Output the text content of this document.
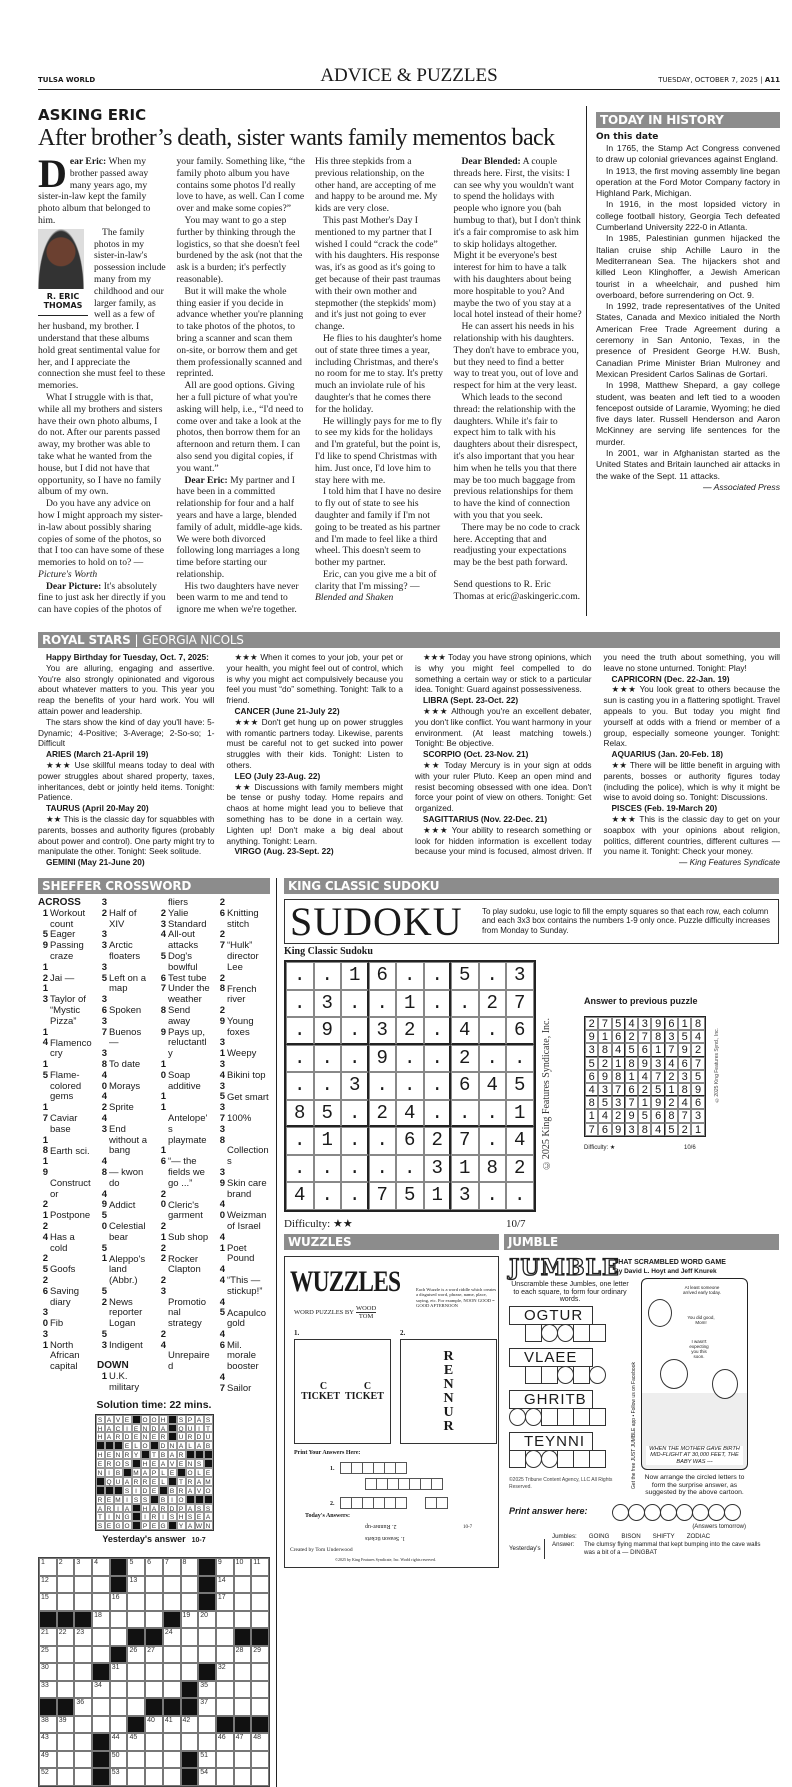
TULSA WORLD	ADVICE & PUZZLES	TUESDAY, OCTOBER 7, 2025 | A11
ASKING ERIC
After brother’s death, sister wants family mementos back

Dear Eric: When my brother passed away many years ago, my sister-in-law kept the family photo album that belonged to him.

R. ERIC THOMAS
The family photos in my sister-in-law's possession include many from my childhood and our larger family, as well as a few of her husband, my brother. I understand that these albums hold great sentimental value for her, and I appreciate the connection she must feel to these memories.

What I struggle with is that, while all my brothers and sisters have their own photo albums, I do not. After our parents passed away, my brother was able to take what he wanted from the house, but I did not have that opportunity, so I have no family album of my own.

Do you have any advice on how I might approach my sister-in-law about possibly sharing copies of some of the photos, so that I too can have some of these memories to hold on to? — Picture's Worth

Dear Picture: It's absolutely fine to just ask her directly if you can have copies of the photos of your family. Something like, “the family photo album you have contains some photos I'd really love to have, as well. Can I come over and make some copies?”

You may want to go a step further by thinking through the logistics, so that she doesn't feel burdened by the ask (not that the ask is a burden; it's perfectly reasonable).

But it will make the whole thing easier if you decide in advance whether you're planning to take photos of the photos, to bring a scanner and scan them on-site, or borrow them and get them professionally scanned and reprinted.

All are good options. Giving her a full picture of what you're asking will help, i.e., “I'd need to come over and take a look at the photos, then borrow them for an afternoon and return them. I can also send you digital copies, if you want.”

Dear Eric: My partner and I have been in a committed relationship for four and a half years and have a large, blended family of adult, middle-age kids. We were both divorced following long marriages a long time before starting our relationship.

His two daughters have never been warm to me and tend to ignore me when we're together. His three stepkids from a previous relationship, on the other hand, are accepting of me and happy to be around me. My kids are very close.

This past Mother's Day I mentioned to my partner that I wished I could “crack the code” with his daughters. His response was, it's as good as it's going to get because of their past traumas with their own mother and stepmother (the stepkids' mom) and it's just not going to ever change.

He flies to his daughter's home out of state three times a year, including Christmas, and there's no room for me to stay. It's pretty much an inviolate rule of his daughter's that he comes there for the holiday.

He willingly pays for me to fly to see my kids for the holidays and I'm grateful, but the point is, I'd like to spend Christmas with him. Just once, I'd love him to stay here with me.

I told him that I have no desire to fly out of state to see his daughter and family if I'm not going to be treated as his partner and I'm made to feel like a third wheel. This doesn't seem to bother my partner.

Eric, can you give me a bit of clarity that I'm missing? — Blended and Shaken

Dear Blended: A couple threads here. First, the visits: I can see why you wouldn't want to spend the holidays with people who ignore you (bah humbug to that), but I don't think it's a fair compromise to ask him to skip holidays altogether. Might it be everyone's best interest for him to have a talk with his daughters about being more hospitable to you? And maybe the two of you stay at a local hotel instead of their home?

He can assert his needs in his relationship with his daughters. They don't have to embrace you, but they need to find a better way to treat you, out of love and respect for him at the very least.

Which leads to the second thread: the relationship with the daughters. While it's fair to expect him to talk with his daughters about their disrespect, it's also important that you hear him when he tells you that there may be too much baggage from previous relationships for them to have the kind of connection with you that you seek.

There may be no code to crack here. Accepting that and readjusting your expectations may be the best path forward.

Send questions to R. Eric Thomas at eric@askingeric.com.

TODAY IN HISTORY
On this date

In 1765, the Stamp Act Congress convened to draw up colonial grievances against England.

In 1913, the first moving assembly line began operation at the Ford Motor Company factory in Highland Park, Michigan.

In 1916, in the most lopsided victory in college football history, Georgia Tech defeated Cumberland University 222-0 in Atlanta.

In 1985, Palestinian gunmen hijacked the Italian cruise ship Achille Lauro in the Mediterranean Sea. The hijackers shot and killed Leon Klinghoffer, a Jewish American tourist in a wheelchair, and pushed him overboard, before surrendering on Oct. 9.

In 1992, trade representatives of the United States, Canada and Mexico initialed the North American Free Trade Agreement during a ceremony in San Antonio, Texas, in the presence of President George H.W. Bush, Canadian Prime Minister Brian Mulroney and Mexican President Carlos Salinas de Gortari.

In 1998, Matthew Shepard, a gay college student, was beaten and left tied to a wooden fencepost outside of Laramie, Wyoming; he died five days later. Russell Henderson and Aaron McKinney are serving life sentences for the murder.

In 2001, war in Afghanistan started as the United States and Britain launched air attacks in the wake of the Sept. 11 attacks.

— Associated Press

ROYAL STARS | GEORGIA NICOLS

Happy Birthday for Tuesday, Oct. 7, 2025:

You are alluring, engaging and assertive. You're also strongly opinionated and vigorous about whatever matters to you. This year you reap the benefits of your hard work. You will attain power and leadership.

The stars show the kind of day you'll have: 5-Dynamic; 4-Positive; 3-Average; 2-So-so; 1-Difficult

ARIES (March 21-April 19)

★★★ Use skillful means today to deal with power struggles about shared property, taxes, inheritances, debt or jointly held items. Tonight: Patience.

TAURUS (April 20-May 20)

★★ This is the classic day for squabbles with parents, bosses and authority figures (probably about power and control). One party might try to manipulate the other. Tonight: Seek solitude.

GEMINI (May 21-June 20)

★★★ When it comes to your job, your pet or your health, you might feel out of control, which is why you might act compulsively because you feel you must “do” something. Tonight: Talk to a friend.

CANCER (June 21-July 22)

★★★ Don't get hung up on power struggles with romantic partners today. Likewise, parents must be careful not to get sucked into power struggles with their kids. Tonight: Listen to others.

LEO (July 23-Aug. 22)

★★ Discussions with family members might be tense or pushy today. Home repairs and chaos at home might lead you to believe that something has to be done in a certain way. Lighten up! Don't make a big deal about anything. Tonight: Learn.

VIRGO (Aug. 23-Sept. 22)

★★★ Today you have strong opinions, which is why you might feel compelled to do something a certain way or stick to a particular idea. Tonight: Guard against possessiveness.

LIBRA (Sept. 23-Oct. 22)

★★★ Although you're an excellent debater, you don't like conflict. You want harmony in your environment. (At least matching towels.) Tonight: Be objective.

SCORPIO (Oct. 23-Nov. 21)

★★ Today Mercury is in your sign at odds with your ruler Pluto. Keep an open mind and resist becoming obsessed with one idea. Don't force your point of view on others. Tonight: Get organized.

SAGITTARIUS (Nov. 22-Dec. 21)

★★★ Your ability to research something or look for hidden information is excellent today because your mind is focused, almost driven. If you need the truth about something, you will leave no stone unturned. Tonight: Play!

CAPRICORN (Dec. 22-Jan. 19)

★★★ You look great to others because the sun is casting you in a flattering spotlight. Travel appeals to you. But today you might find yourself at odds with a friend or member of a group, especially someone younger. Tonight: Relax.

AQUARIUS (Jan. 20-Feb. 18)

★★ There will be little benefit in arguing with parents, bosses or authority figures today (including the police), which is why it might be wise to avoid doing so. Tonight: Discussions.

PISCES (Feb. 19-March 20)

★★★ This is the classic day to get on your soapbox with your opinions about religion, politics, different countries, different cultures — you name it. Tonight: Check your money.

— King Features Syndicate

SHEFFER CROSSWORD
ACROSS
1 Workout count
5 Eager
9 Passing craze
12 Jai —
13 Taylor of “Mystic Pizza”
14 Flamenco cry
15 Flame-colored gems
17 Caviar base
18 Earth sci.
19Constructor
21 Postpone
24 Has a cold
25 Goofs
26 Saving diary
30 Fib
31 North African capital
32 Half of XIV
33 Arctic floaters
35 Left on a map
36 Spoken
37 Buenos —
38 To date
40 Morays
42 Sprite
43 End without a bang
48 — kwon do
49 Addict
50 Celestial bear
51 Aleppo's land (Abbr.)
52 News reporter Logan
53 Indigent
DOWN
1 U.K. military fliers
2 Yalie
3 Standard
4 All-out attacks
5 Dog's bowlful
6 Test tube
7 Under the weather
8 Send away
9 Pays up, reluctantly
10 Soap additive
11Antelope's playmate
16 “— the fields we go ...”
20 Cleric's garment
21 Sub shop
22 Rocker Clapton
23Promotional strategy
24Unrepaired
26 Knitting stitch
27 “Hulk” director Lee
28 French river
29 Young foxes
31 Weepy
34 Bikini top
35 Get smart
37 100%
38Collections
39 Skin care brand
40 Weizman of Israel
41 Poet Pound
44 “This — stickup!”
45 Acapulco gold
46 Mil. morale booster
47 Sailor
Solution time: 22 mins.
S A V E	O O H	S P A S
H A C I E N D A	Q U I T
H A R D E N E R	U R D U
E L O	D N A L A B
H E N R Y	T B A R
E R O S	H E A V E N S
N I B	M A P L E	O L E
Q U A R R E L	T R A M
S I D E	B R A V O
R E M I S S	B I O
A R I A	H A R D P A S S
T I N G	I R I S H S E A
S E G O	P E G	Y A W N
Yesterday's answer 10-7
1	2	3	4	5	6	7	8	9	10	11
12	13	14
15	16	17
18	19	20
21	22	23	24
25	26	27	28	29
30	31	32
33	34	35
36	37
38	39	40	41	42
43	44	45	46	47	48
49	50	51
52	53	54
KING CLASSIC SUDOKU
SUDOKU To play sudoku, use logic to fill the empty squares so that each row, each column and each 3x3 box contains the numbers 1-9 only once. Puzzle difficulty increases from Monday to Sunday.
King Classic Sudoku
..16..5.3
.3..1..27
.9.32.4.6
...9..2..
..3...645
85.24...1
.1..627.4
.....3182
4..7513..
Difficulty: ★★	10/7
©2025 King Features Syndicate, Inc.
Answer to previous puzzle
2 7 5 4 3 9 6 1 8
9 1 6 2 7 8 3 5 4
3 8 4 5 6 1 7 9 2
5 2 1 8 9 3 4 6 7
6 9 8 1 4 7 2 3 5
4 3 7 6 2 5 1 8 9
8 5 3 7 1 9 2 4 6
1 4 2 9 5 6 8 7 3
7 6 9 3 8 4 5 2 1
Difficulty: ★	10/6
©2025 King Features Synd., Inc.
WUZZLES
WUZZLES
WORD PUZZLES BY $\frac{\text{WOOD}}{\text{TOM}}$
Each Wuzzle is a word riddle which creates a disguised word, phrase, name, place, saying, etc. For example, NOON GOOD = GOOD AFTERNOON
1.
C
TICKET
C
TICKET
2.
RENNUR
Print Your Answers Here:
1.
2.
Today's Answers:
2. Runner-up
1. Season tickets
10-7
Created by Tom Underwood
©2025 by King Features Syndicate, Inc. World rights reserved.
JUMBLE
JUMBLE
THAT SCRAMBLED WORD GAME
By David L. Hoyt and Jeff Knurek
Unscramble these Jumbles, one letter to each square, to form four ordinary words.
OGTUR
VLAEE
GHRITB
TEYNNI	Get the free JUST JUMBLE app • Follow us on Facebook
At least someone arrived early today.
You did good, Mom!
I wasn't expecting you this soon.
WHEN THE MOTHER GAVE BIRTH MID-FLIGHT AT 30,000 FEET, THE BABY WAS ---
Now arrange the circled letters to form the surprise answer, as suggested by the above cartoon.
©2025 Tribune Content Agency, LLC All Rights Reserved.
Print answer here:
(Answers tomorrow)
Yesterday's
Jumbles: GOING BISON SHIFTY ZODIAC
Answer: The clumsy flying mammal that kept bumping into the cave walls was a bit of a — DINGBAT
